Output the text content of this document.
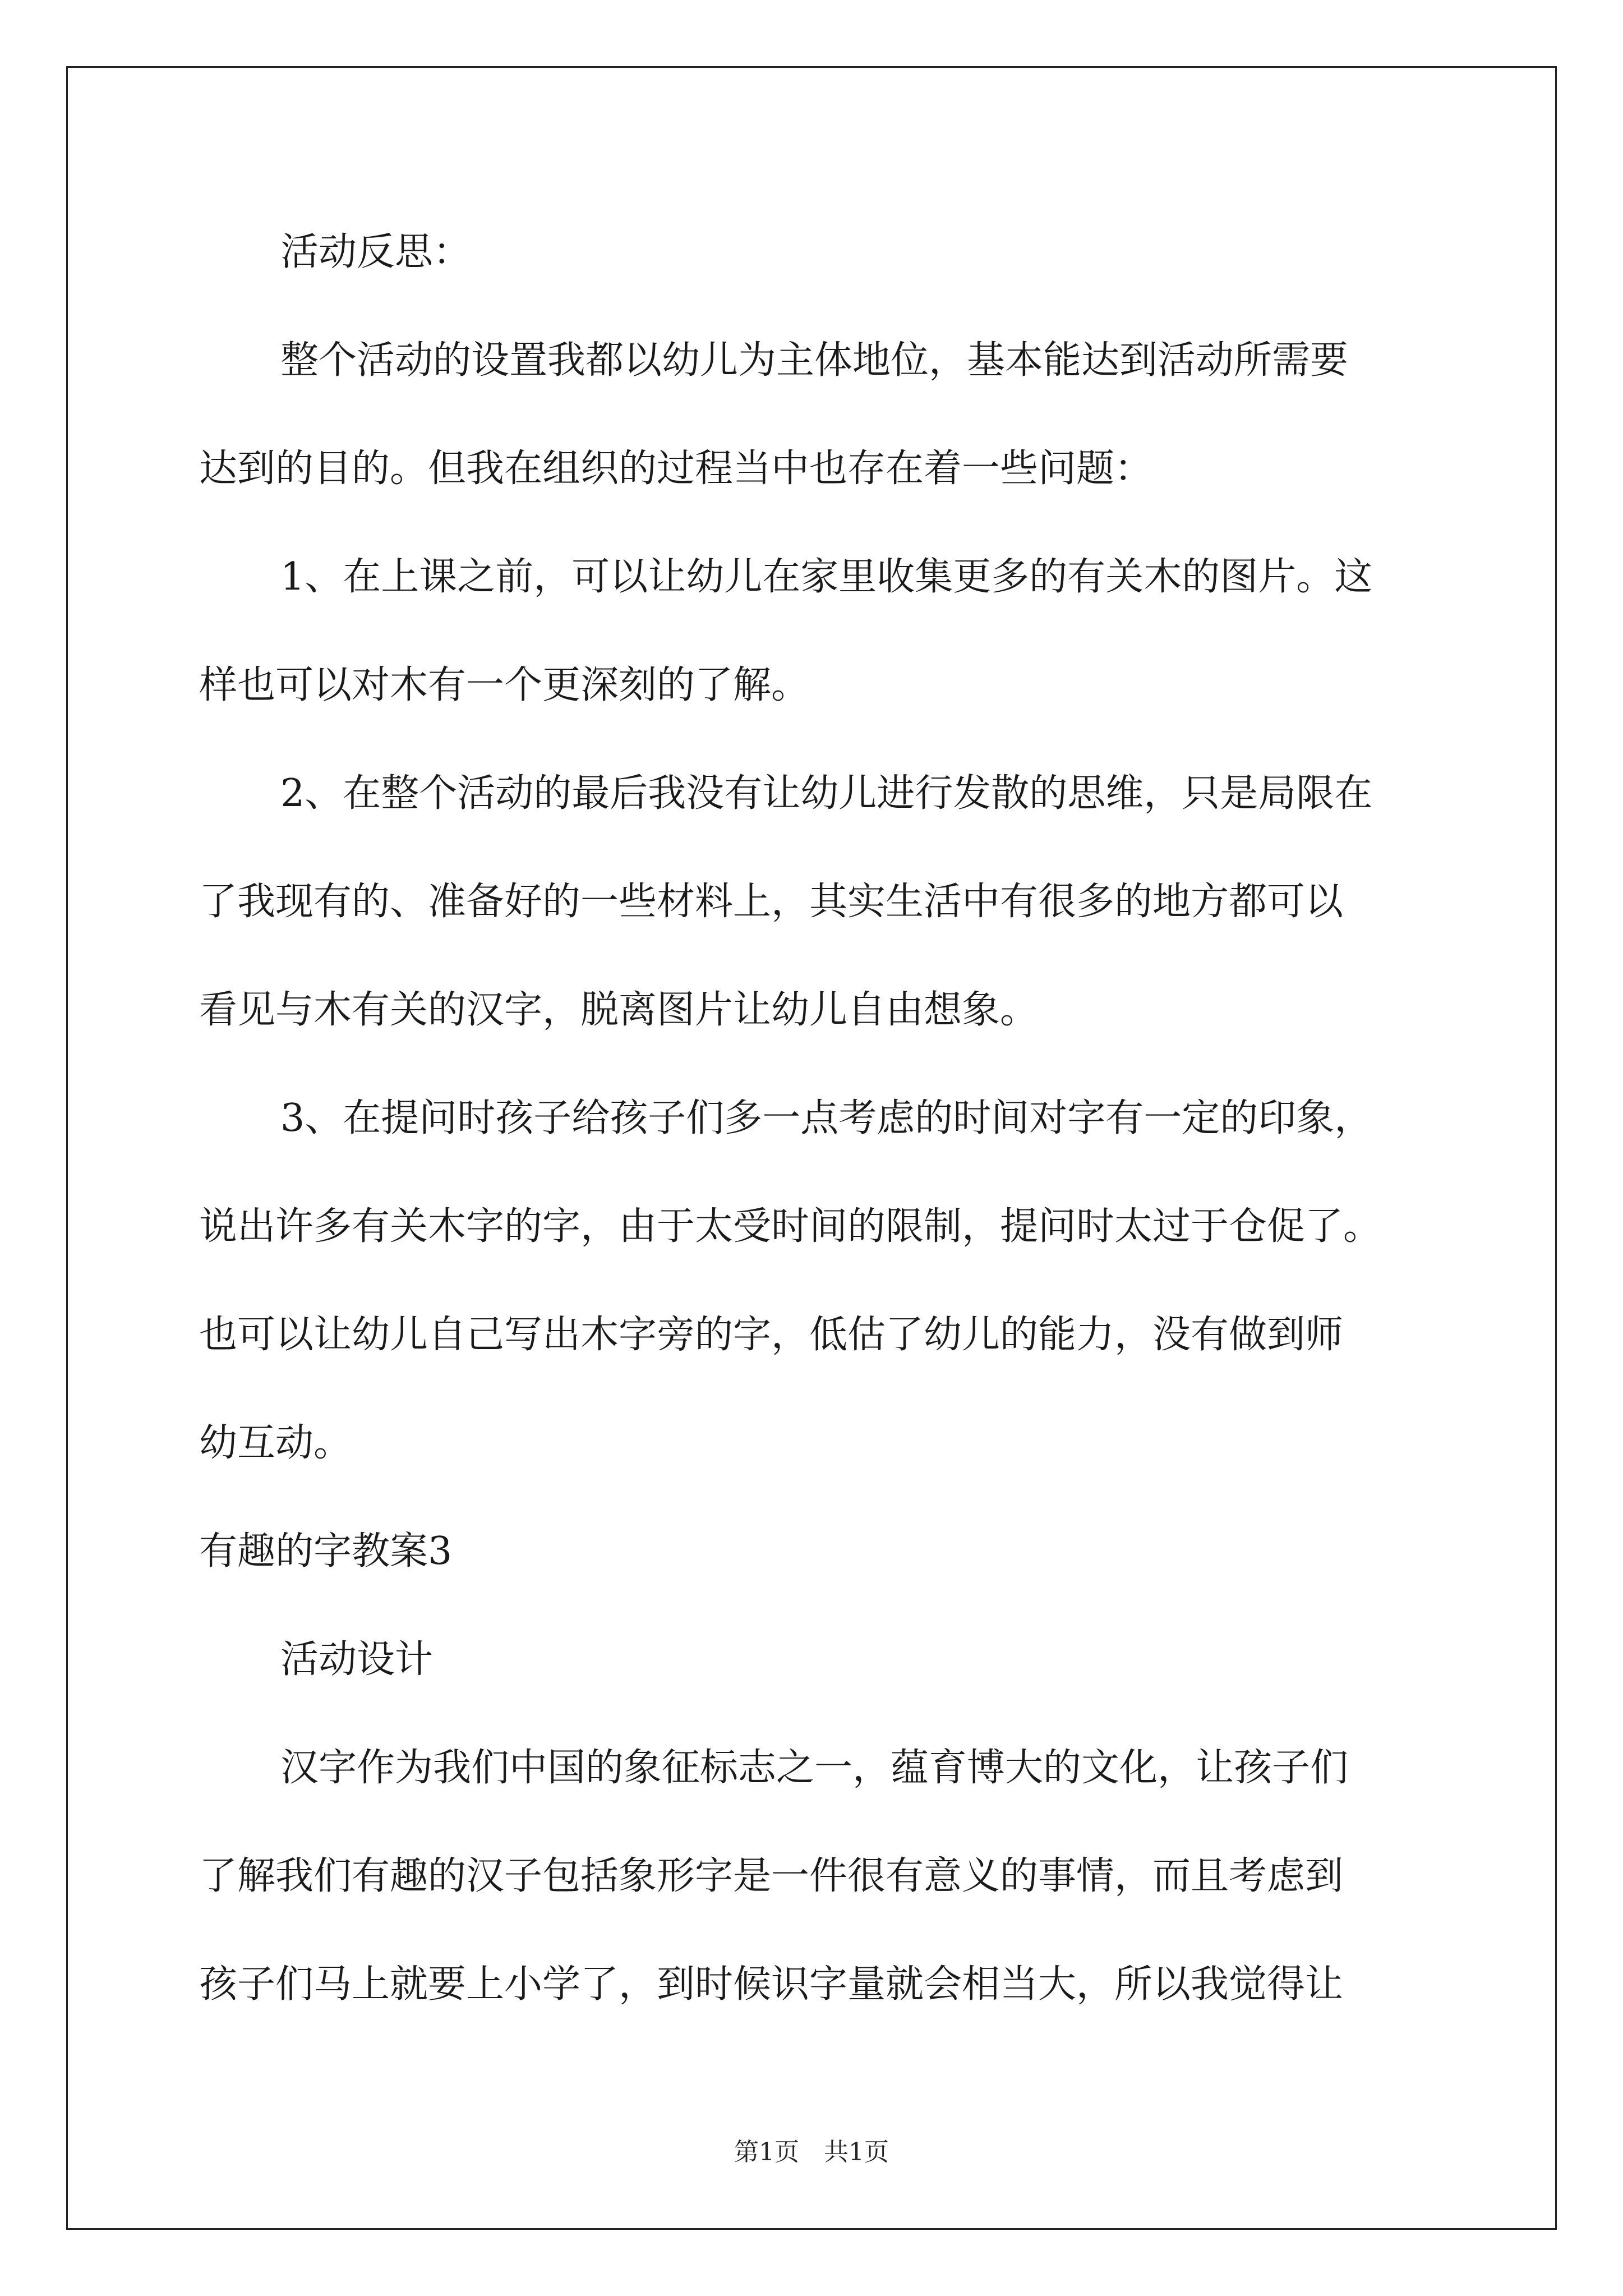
活动反思：
整个活动的设置我都以幼儿为主体地位，基本能达到活动所需要
达到的目的。但我在组织的过程当中也存在着一些问题：
1、在上课之前，可以让幼儿在家里收集更多的有关木的图片。这
样也可以对木有一个更深刻的了解。
2、在整个活动的最后我没有让幼儿进行发散的思维，只是局限在
了我现有的、准备好的一些材料上，其实生活中有很多的地方都可以
看见与木有关的汉字，脱离图片让幼儿自由想象。
3、在提问时孩子给孩子们多一点考虑的时间对字有一定的印象，
说出许多有关木字的字，由于太受时间的限制，提问时太过于仓促了。
也可以让幼儿自己写出木字旁的字，低估了幼儿的能力，没有做到师
幼互动。
有趣的字教案3
活动设计
汉字作为我们中国的象征标志之一，蕴育博大的文化，让孩子们
了解我们有趣的汉子包括象形字是一件很有意义的事情，而且考虑到
孩子们马上就要上小学了，到时候识字量就会相当大，所以我觉得让
第1页　共1页
